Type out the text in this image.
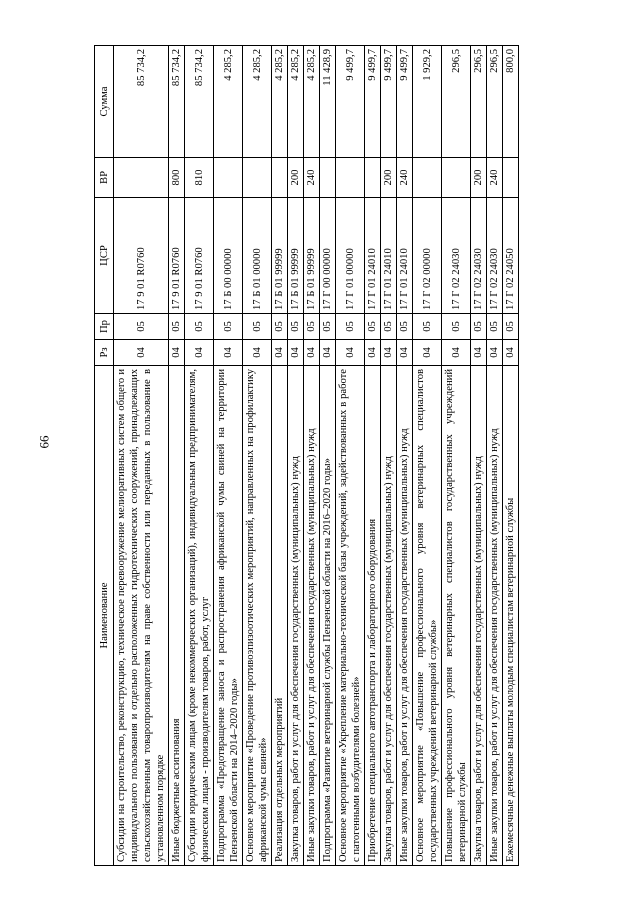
66
Наименование	Рз	Пр	ЦСР	ВР	Сумма
Субсидии на строительство, реконструкцию, техническое перевооружение мелиоративных систем общего и индивидуального пользования и отдельно расположенных гидротехнических сооружений, принадлежащих сельскохозяйственным товаропроизводителям на праве собственности или переданных в пользование в установленном порядке	04	05	17 9 01 R0760		85 734,2
Иные бюджетные ассигнования	04	05	17 9 01 R0760	800	85 734,2
Субсидии юридическим лицам (кроме некоммерческих организаций), индивидуальным предпринимателям, физическим лицам - производителям товаров, работ, услуг	04	05	17 9 01 R0760	810	85 734,2
Подпрограмма «Предотвращение заноса и распространения африканской чумы свиней на территории Пензенской области на 2014–2020 годы»	04	05	17 Б 00 00000		4 285,2
Основное мероприятие «Проведение противоэпизоотических мероприятий, направленных на профилактику африканской чумы свиней»	04	05	17 Б 01 00000		4 285,2
Реализация отдельных мероприятий	04	05	17 Б 01 99999		4 285,2
Закупка товаров, работ и услуг для обеспечения государственных (муниципальных) нужд	04	05	17 Б 01 99999	200	4 285,2
Иные закупки товаров, работ и услуг для обеспечения государственных (муниципальных) нужд	04	05	17 Б 01 99999	240	4 285,2
Подпрограмма «Развитие ветеринарной службы Пензенской области на 2016–2020 годы»	04	05	17 Г 00 00000		11 428,9
Основное мероприятие «Укрепление материально-технической базы учреждений, задействованных в работе с патогенными возбудителями болезней»	04	05	17 Г 01 00000		9 499,7
Приобретение специального автотранспорта и лабораторного оборудования	04	05	17 Г 01 24010		9 499,7
Закупка товаров, работ и услуг для обеспечения государственных (муниципальных) нужд	04	05	17 Г 01 24010	200	9 499,7
Иные закупки товаров, работ и услуг для обеспечения государственных (муниципальных) нужд	04	05	17 Г 01 24010	240	9 499,7
Основное мероприятие «Повышение профессионального уровня ветеринарных специалистов государственных учреждений ветеринарной службы»	04	05	17 Г 02 00000		1 929,2
Повышение профессионального уровня ветеринарных специалистов государственных учреждений ветеринарной службы	04	05	17 Г 02 24030		296,5
Закупка товаров, работ и услуг для обеспечения государственных (муниципальных) нужд	04	05	17 Г 02 24030	200	296,5
Иные закупки товаров, работ и услуг для обеспечения государственных (муниципальных) нужд	04	05	17 Г 02 24030	240	296,5
Ежемесячные денежные выплаты молодым специалистам ветеринарной службы	04	05	17 Г 02 24050		800,0
